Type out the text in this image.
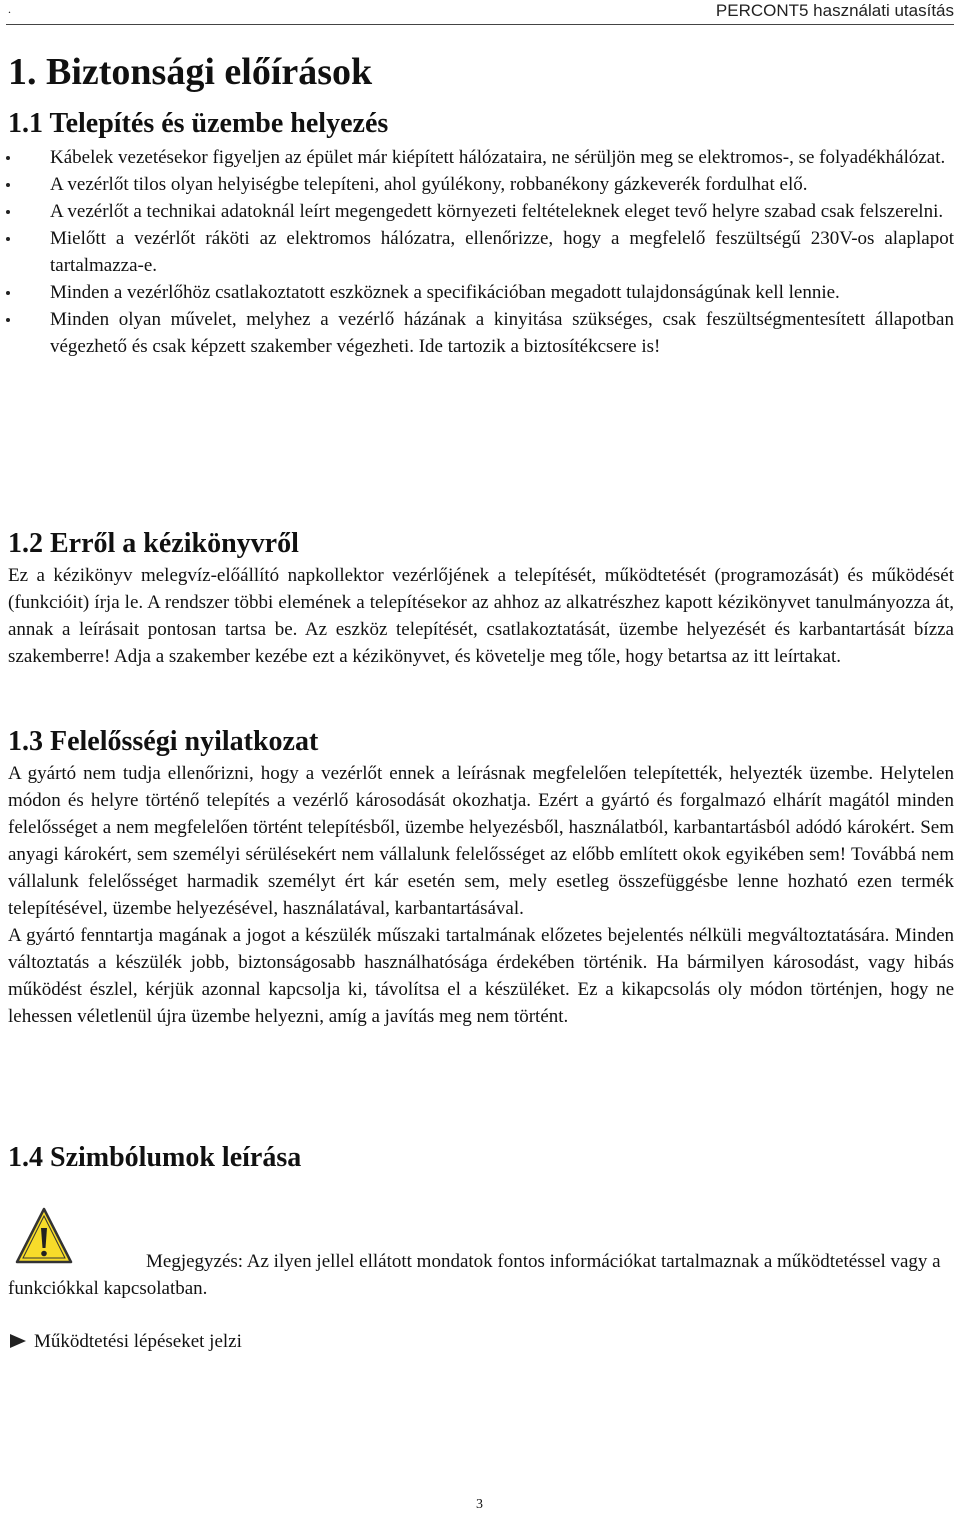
.	PERCONT5 használati utasítás
1. Biztonsági előírások
1.1 Telepítés és üzembe helyezés
Kábelek vezetésekor figyeljen az épület már kiépített hálózataira, ne sérüljön meg se elektromos-, se folyadékhálózat.
A vezérlőt tilos olyan helyiségbe telepíteni, ahol gyúlékony, robbanékony gázkeverék fordulhat elő.
A vezérlőt a technikai adatoknál leírt megengedett környezeti feltételeknek eleget tevő helyre szabad csak felszerelni.
Mielőtt a vezérlőt ráköti az elektromos hálózatra, ellenőrizze, hogy a megfelelő feszültségű 230V-os alaplapot tartalmazza-e.
Minden a vezérlőhöz csatlakoztatott eszköznek a specifikációban megadott tulajdonságúnak kell lennie.
Minden olyan művelet, melyhez a vezérlő házának a kinyitása szükséges, csak feszültségmentesített állapotban végezhető és csak képzett szakember végezheti. Ide tartozik a biztosítékcsere is!
1.2 Erről a kézikönyvről

Ez a kézikönyv melegvíz-előállító napkollektor vezérlőjének a telepítését, működtetését (programozását) és működését (funkcióit) írja le. A rendszer többi elemének a telepítésekor az ahhoz az alkatrészhez kapott kézikönyvet tanulmányozza át, annak a leírásait pontosan tartsa be. Az eszköz telepítését, csatlakoztatását, üzembe helyezését és karbantartását bízza szakemberre! Adja a szakember kezébe ezt a kézikönyvet, és követelje meg tőle, hogy betartsa az itt leírtakat.

1.3 Felelősségi nyilatkozat

A gyártó nem tudja ellenőrizni, hogy a vezérlőt ennek a leírásnak megfelelően telepítették, helyezték üzembe. Helytelen módon és helyre történő telepítés a vezérlő károsodását okozhatja. Ezért a gyártó és forgalmazó elhárít magától minden felelősséget a nem megfelelően történt telepítésből, üzembe helyezésből, használatból, karbantartásból adódó károkért. Sem anyagi károkért, sem személyi sérülésekért nem vállalunk felelősséget az előbb említett okok egyikében sem! Továbbá nem vállalunk felelősséget harmadik személyt ért kár esetén sem, mely esetleg összefüggésbe lenne hozható ezen termék telepítésével, üzembe helyezésével, használatával, karbantartásával.

A gyártó fenntartja magának a jogot a készülék műszaki tartalmának előzetes bejelentés nélküli megváltoztatására. Minden változtatás a készülék jobb, biztonságosabb használhatósága érdekében történik. Ha bármilyen károsodást, vagy hibás működést észlel, kérjük azonnal kapcsolja ki, távolítsa el a készüléket. Ez a kikapcsolás oly módon történjen, hogy ne lehessen véletlenül újra üzembe helyezni, amíg a javítás meg nem történt.

1.4 Szimbólumok leírása
Megjegyzés: Az ilyen jellel ellátott mondatok fontos információkat tartalmaznak a működtetéssel vagy a funkciókkal kapcsolatban.
Működtetési lépéseket jelzi
3
